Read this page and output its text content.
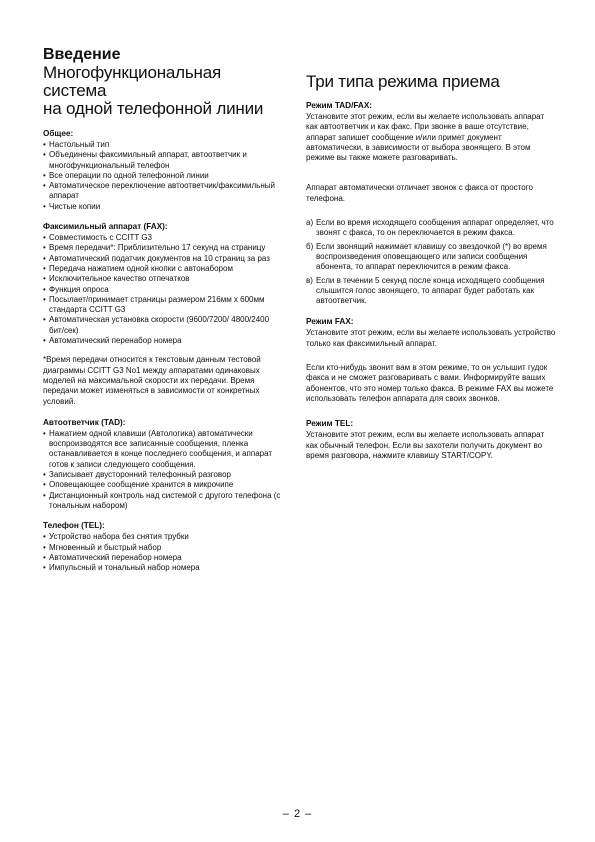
Введение
Многофункциональная система
на одной телефонной линии
Общее:
• Настольный тип
• Объединены факсимильный аппарат, автоответчик и многофункциональный телефон
• Все операции по одной телефонной линии
• Автоматическое переключение автоответчик/факсимильный аппарат
• Чистые копии
Факсимильный аппарат (FAX):
• Совместимость с CCITT G3
• Время передачи*: Приблизительно 17 секунд на страницу
• Автоматический податчик документов на 10 страниц за раз
• Передача нажатием одной кнопки с автонабором
• Исключительное качество отпечатков
• Функция опроса
• Посылает/принимает страницы размером 216мм х 600мм стандарта CCITT G3
• Автоматическая установка скорости (9600/7200/ 4800/2400 бит/сек)
• Автоматический перенабор номера

*Время передачи относится к текстовым данным тестовой диаграммы CCITT G3 No1 между аппаратами одинаковых моделей на максимальной скорости их передачи. Время передачи может изменяться в зависимости от конкретных условий.

Автоответчик (TAD):
• Нажатием одной клавиши (Автологика) автоматически воспроизводятся все записанные сообщения, пленка останавливается в конце последнего сообщения, и аппарат готов к записи следующего сообщения.
• Записывает двусторонний телефонный разговор
• Оповещающее сообщение хранится в микрочипе
• Дистанционный контроль над системой с другого телефона (с тональным набором)
Телефон (TEL):
• Устройство набора без снятия трубки
• Мгновенный и быстрый набор
• Автоматический перенабор номера
• Импульсный и тональный набор номера
Три типа режима приема
Режим TAD/FAX:

Установите этот режим, если вы желаете использовать аппарат как автоответчик и как факс. При звонке в ваше отсутствие, аппарат запишет сообщение и/или примет документ автоматически, в зависимости от выбора звонящего. В этом режиме вы также можете разговаривать.

Аппарат автоматически отличает звонок с факса от простого телефона.

а) Если во время исходящего сообщения аппарат определяет, что звонят с факса, то он переключается в режим факса.
б) Если звонящий нажимает клавишу со звездочкой (*) во время воспроизведения оповещающего или записи сообщения абонента, то аппарат переключится в режим факса.
в) Если в течении 5 секунд после конца исходящего сообщения слышится голос звонящего, то аппарат будет работать как автоответчик.
Режим FAX:

Установите этот режим, если вы желаете использовать устройство только как факсимильный аппарат.

Если кто-нибудь звонит вам в этом режиме, то он услышит гудок факса и не сможет разговаривать с вами. Информируйте ваших абонентов, что это номер только факса. В режиме FAX вы можете использовать телефон аппарата для своих звонков.

Режим TEL:

Установите этот режим, если вы желаете использовать аппарат как обычный телефон. Если вы захотели получить документ во время разговора, нажмите клавишу START/COPY.

– 2 –
